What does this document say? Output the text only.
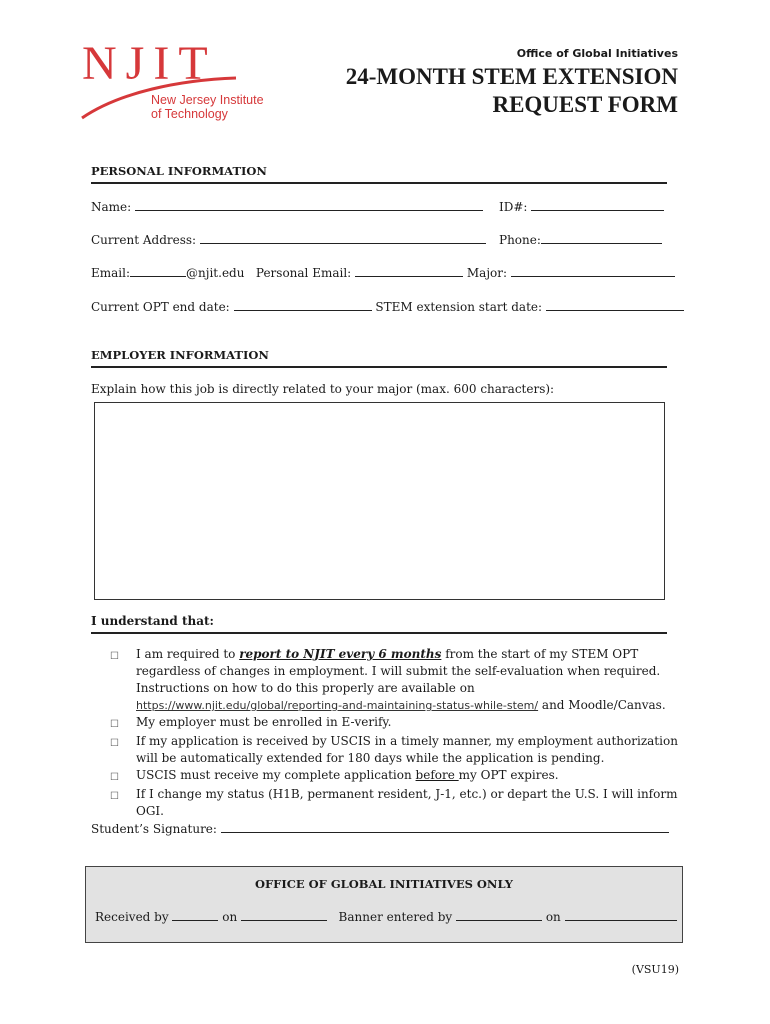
NJIT
New Jersey Institute
of Technology
Office of Global Initiatives
24-MONTH STEM EXTENSION
REQUEST FORM
PERSONAL INFORMATION
Name:	ID#:
Current Address:	Phone:
Email:	@njit.edu Personal Email:	Major:
Current OPT end date:	STEM extension start date:
EMPLOYER INFORMATION
Explain how this job is directly related to your major (max. 600 characters):
I understand that:
☐	I am required to report to NJIT every 6 months from the start of my STEM OPT regardless of changes in employment. I will submit the self-evaluation when required. Instructions on how to do this properly are available on https://www.njit.edu/global/reporting-and-maintaining-status-while-stem/ and Moodle/Canvas.
☐	My employer must be enrolled in E-verify.
☐	If my application is received by USCIS in a timely manner, my employment authorization will be automatically extended for 180 days while the application is pending.
☐	USCIS must receive my complete application before my OPT expires.
☐	If I change my status (H1B, permanent resident, J-1, etc.) or depart the U.S. I will inform OGI.
Student’s Signature:
OFFICE OF GLOBAL INITIATIVES ONLY
Received by	on	Banner entered by	on
(VSU19)
